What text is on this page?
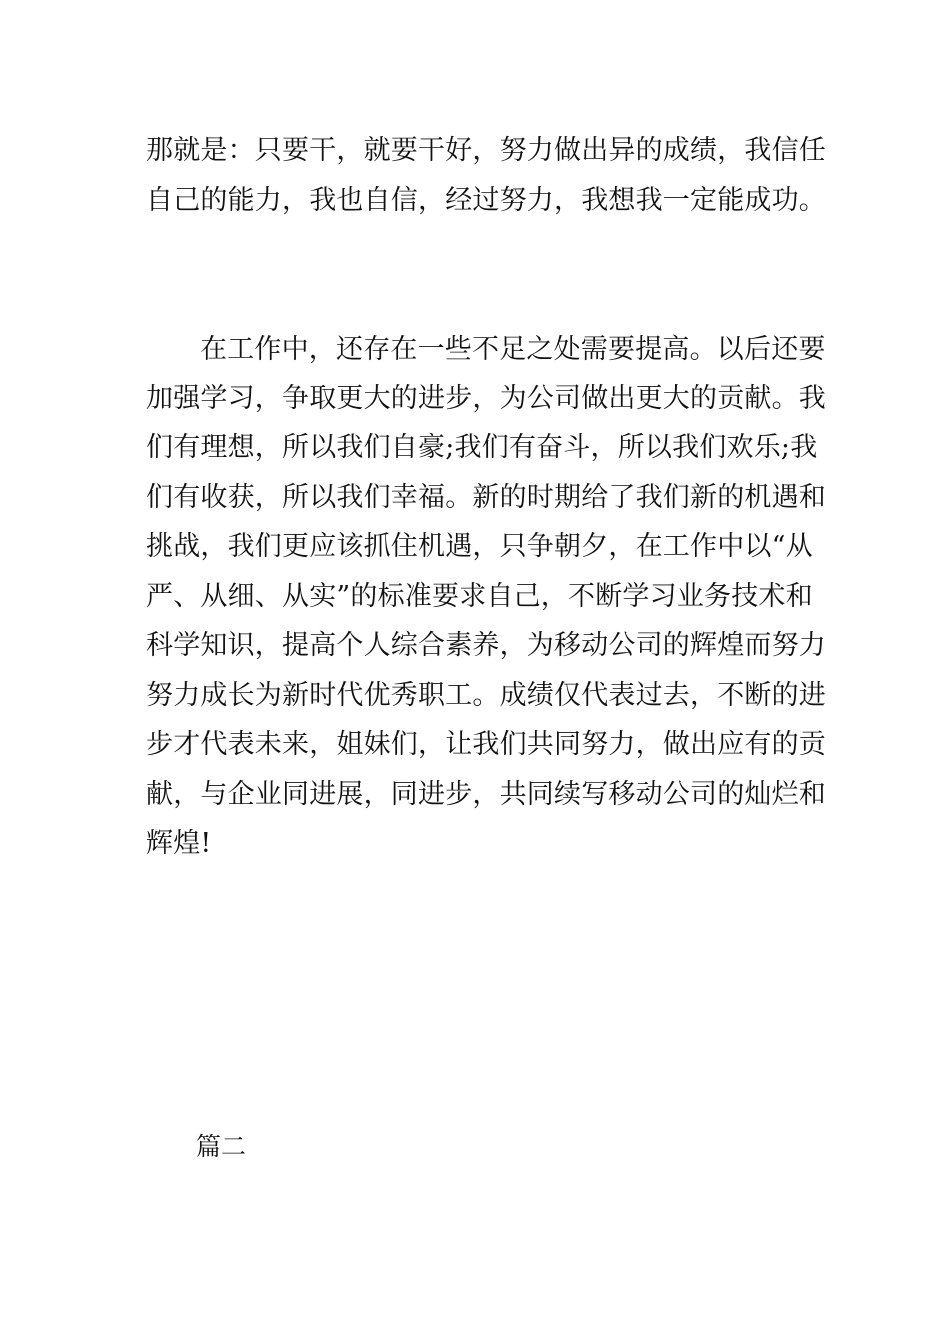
那就是：只要干，就要干好，努力做出异的成绩，我信任
自己的能力，我也自信，经过努力，我想我一定能成功。
在工作中，还存在一些不足之处需要提高。以后还要
加强学习，争取更大的进步，为公司做出更大的贡献。我
们有理想，所以我们自豪;我们有奋斗，所以我们欢乐;我
们有收获，所以我们幸福。新的时期给了我们新的机遇和
挑战，我们更应该抓住机遇，只争朝夕，在工作中以“从
严、从细、从实”的标准要求自己，不断学习业务技术和
科学知识，提高个人综合素养，为移动公司的辉煌而努力
努力成长为新时代优秀职工。成绩仅代表过去，不断的进
步才代表未来，姐妹们，让我们共同努力，做出应有的贡
献，与企业同进展，同进步，共同续写移动公司的灿烂和
辉煌!
篇二
